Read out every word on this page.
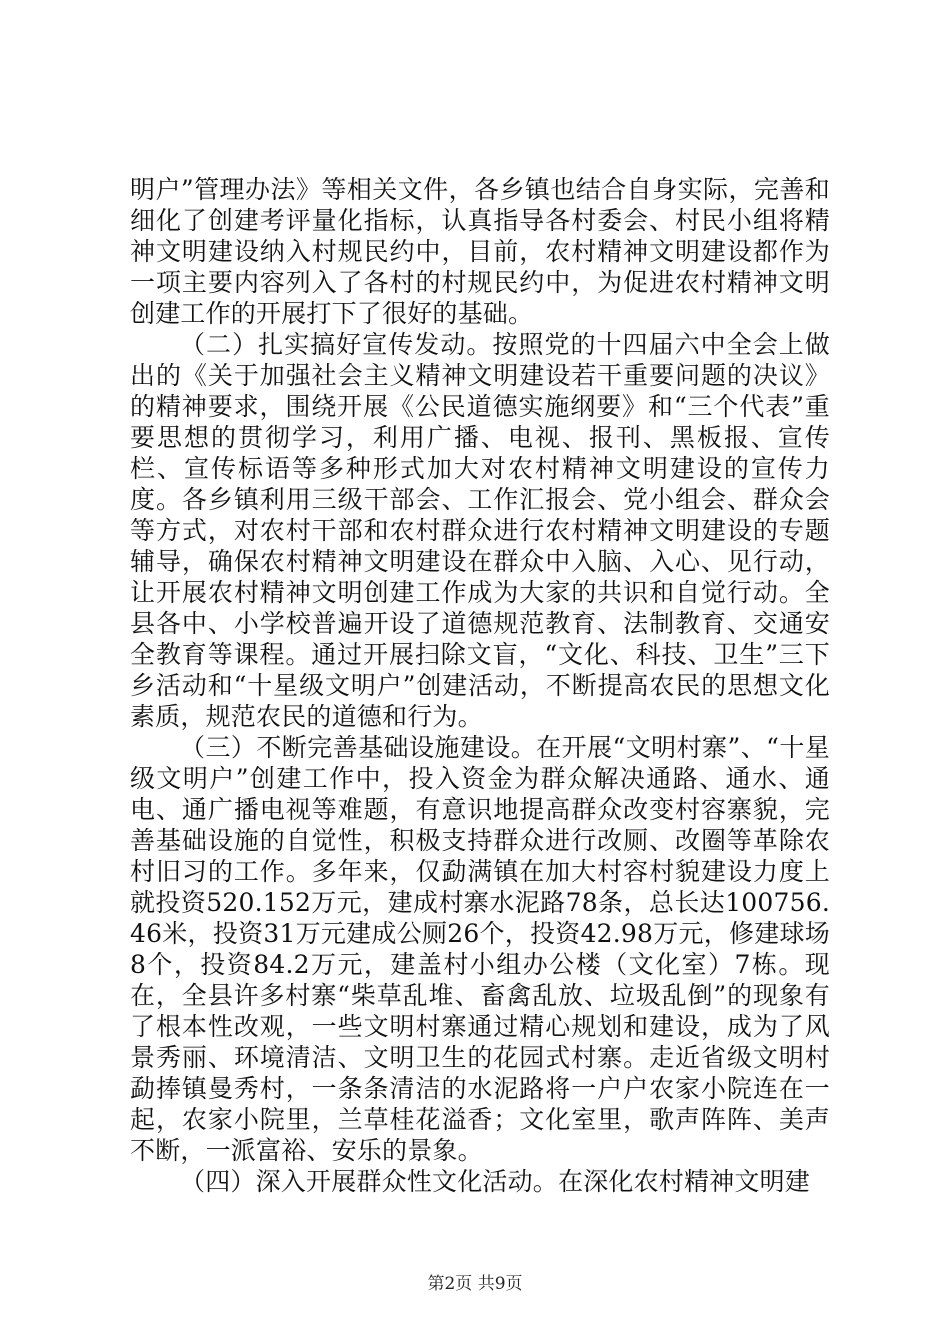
明户”管理办法》等相关文件，各乡镇也结合自身实际，完善和细化了创建考评量化指标，认真指导各村委会、村民小组将精神文明建设纳入村规民约中，目前，农村精神文明建设都作为一项主要内容列入了各村的村规民约中，为促进农村精神文明创建工作的开展打下了很好的基础。

（二）扎实搞好宣传发动。按照党的十四届六中全会上做出的《关于加强社会主义精神文明建设若干重要问题的决议》的精神要求，围绕开展《公民道德实施纲要》和“三个代表”重要思想的贯彻学习，利用广播、电视、报刊、黑板报、宣传栏、宣传标语等多种形式加大对农村精神文明建设的宣传力度。各乡镇利用三级干部会、工作汇报会、党小组会、群众会等方式，对农村干部和农村群众进行农村精神文明建设的专题辅导，确保农村精神文明建设在群众中入脑、入心、见行动，让开展农村精神文明创建工作成为大家的共识和自觉行动。全县各中、小学校普遍开设了道德规范教育、法制教育、交通安全教育等课程。通过开展扫除文盲，“文化、科技、卫生”三下乡活动和“十星级文明户”创建活动，不断提高农民的思想文化素质，规范农民的道德和行为。

（三）不断完善基础设施建设。在开展“文明村寨”、“十星级文明户”创建工作中，投入资金为群众解决通路、通水、通电、通广播电视等难题，有意识地提高群众改变村容寨貌，完善基础设施的自觉性，积极支持群众进行改厕、改圈等革除农村旧习的工作。多年来，仅勐满镇在加大村容村貌建设力度上就投资520.152万元，建成村寨水泥路78条，总长达100756.46米，投资31万元建成公厕26个，投资42.98万元，修建球场8个，投资84.2万元，建盖村小组办公楼（文化室）7栋。现在，全县许多村寨“柴草乱堆、畜禽乱放、垃圾乱倒”的现象有了根本性改观，一些文明村寨通过精心规划和建设，成为了风景秀丽、环境清洁、文明卫生的花园式村寨。走近省级文明村勐捧镇曼秀村，一条条清洁的水泥路将一户户农家小院连在一起，农家小院里，兰草桂花溢香；文化室里，歌声阵阵、美声不断，一派富裕、安乐的景象。

（四）深入开展群众性文化活动。在深化农村精神文明建

第2页 共9页
